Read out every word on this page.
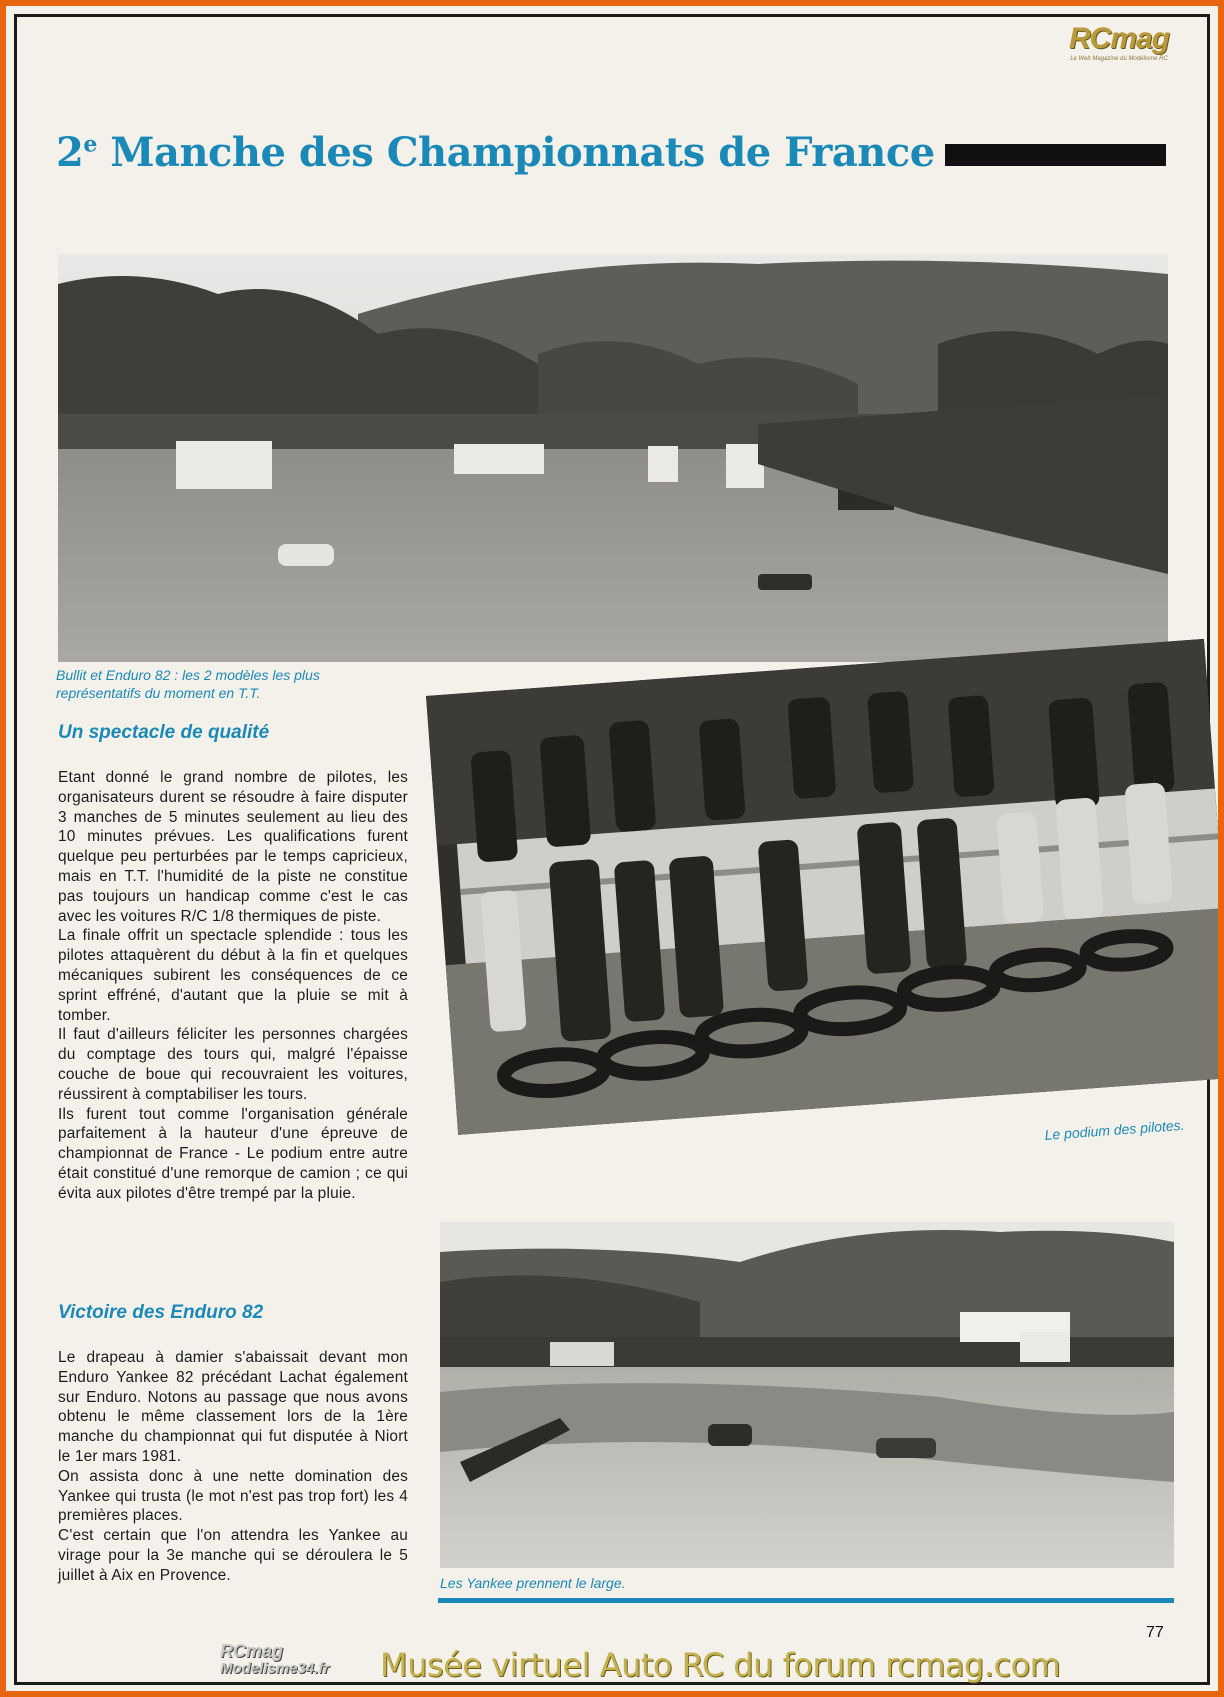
RCmag
Le Web Magazine du Modélisme RC
2e Manche des Championnats de France
Bullit et Enduro 82 : les 2 modèles les plus
représentatifs du moment en T.T.
Un spectacle de qualité

Etant donné le grand nombre de pilotes, les organisateurs durent se résoudre à faire disputer 3 manches de 5 minutes seulement au lieu des 10 minutes prévues. Les qualifications furent quelque peu perturbées par le temps capricieux, mais en T.T. l'humidité de la piste ne constitue pas toujours un handicap comme c'est le cas avec les voitures R/C 1/8 thermiques de piste.

La finale offrit un spectacle splendide : tous les pilotes attaquèrent du début à la fin et quelques mécaniques subirent les conséquences de ce sprint effréné, d'autant que la pluie se mit à tomber.

Il faut d'ailleurs féliciter les personnes chargées du comptage des tours qui, malgré l'épaisse couche de boue qui recouvraient les voitures, réussirent à comptabiliser les tours.

Ils furent tout comme l'organisation générale parfaitement à la hauteur d'une épreuve de championnat de France - Le podium entre autre était constitué d'une remorque de camion ; ce qui évita aux pilotes d'être trempé par la pluie.

Le podium des pilotes.
Victoire des Enduro 82

Le drapeau à damier s'abaissait devant mon Enduro Yankee 82 précédant Lachat également sur Enduro. Notons au passage que nous avons obtenu le même classement lors de la 1ère manche du championnat qui fut disputée à Niort le 1er mars 1981.

On assista donc à une nette domination des Yankee qui trusta (le mot n'est pas trop fort) les 4 premières places.

C'est certain que l'on attendra les Yankee au virage pour la 3e manche qui se déroulera le 5 juillet à Aix en Provence.	Les Yankee prennent le large.
77
RCmag
Modelisme34.fr Musée virtuel Auto RC du forum rcmag.com
